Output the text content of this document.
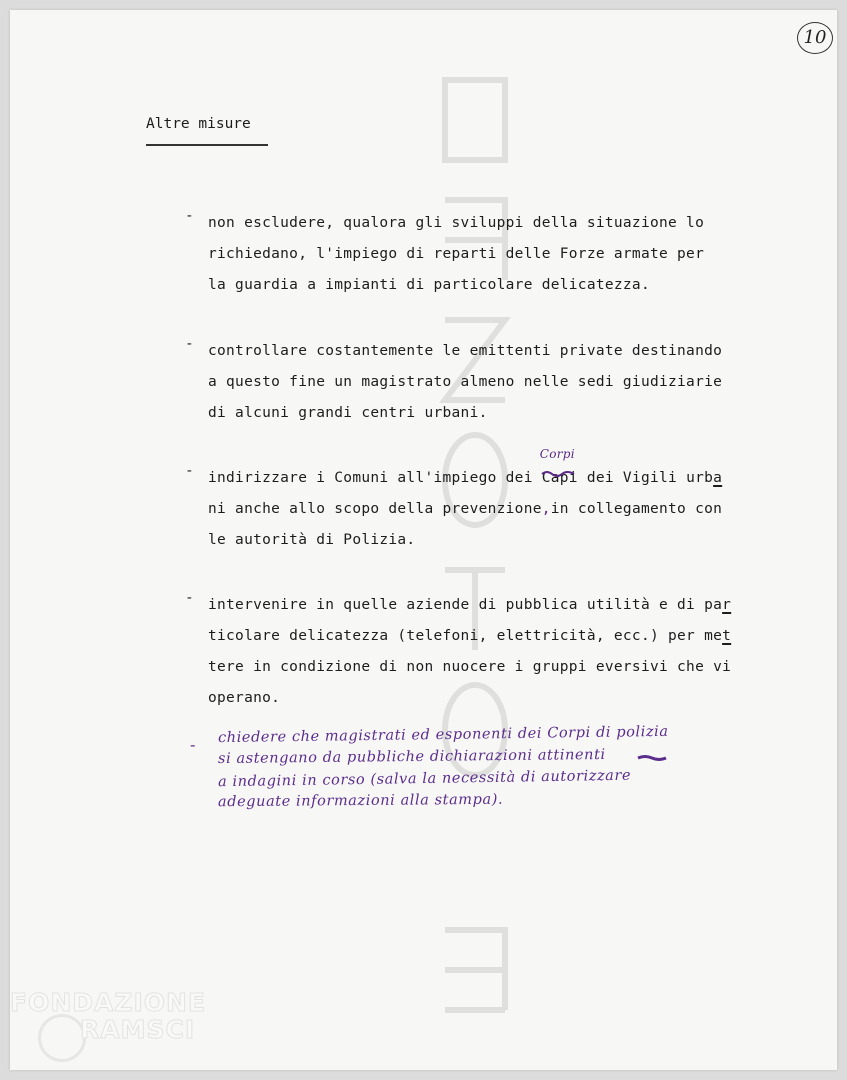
10
Altre misure
- non escludere, qualora gli sviluppi della situazione lo
richiedano, l'impiego di reparti delle Forze armate per
la guardia a impianti di particolare delicatezza.
- controllare costantemente le emittenti private destinando
a questo fine un magistrato almeno nelle sedi giudiziarie
di alcuni grandi centri urbani.
- indirizzare i Comuni all'impiego dei
Corpi
Capi
dei Vigili urba
ni anche allo scopo della prevenzione,in collegamento con
le autorità di Polizia.
- intervenire in quelle aziende di pubblica utilità e di par
ticolare delicatezza (telefoni, elettricità, ecc.) per met
tere in condizione di non nuocere i gruppi eversivi che vi
operano.
- chiedere che magistrati ed esponenti dei Corpi di polizia
si astengano da pubbliche dichiarazioni attinenti
a indagini in corso (salva la necessità di autorizzare
adeguate informazioni alla stampa).
FONDAZIONE
RAMSCI
